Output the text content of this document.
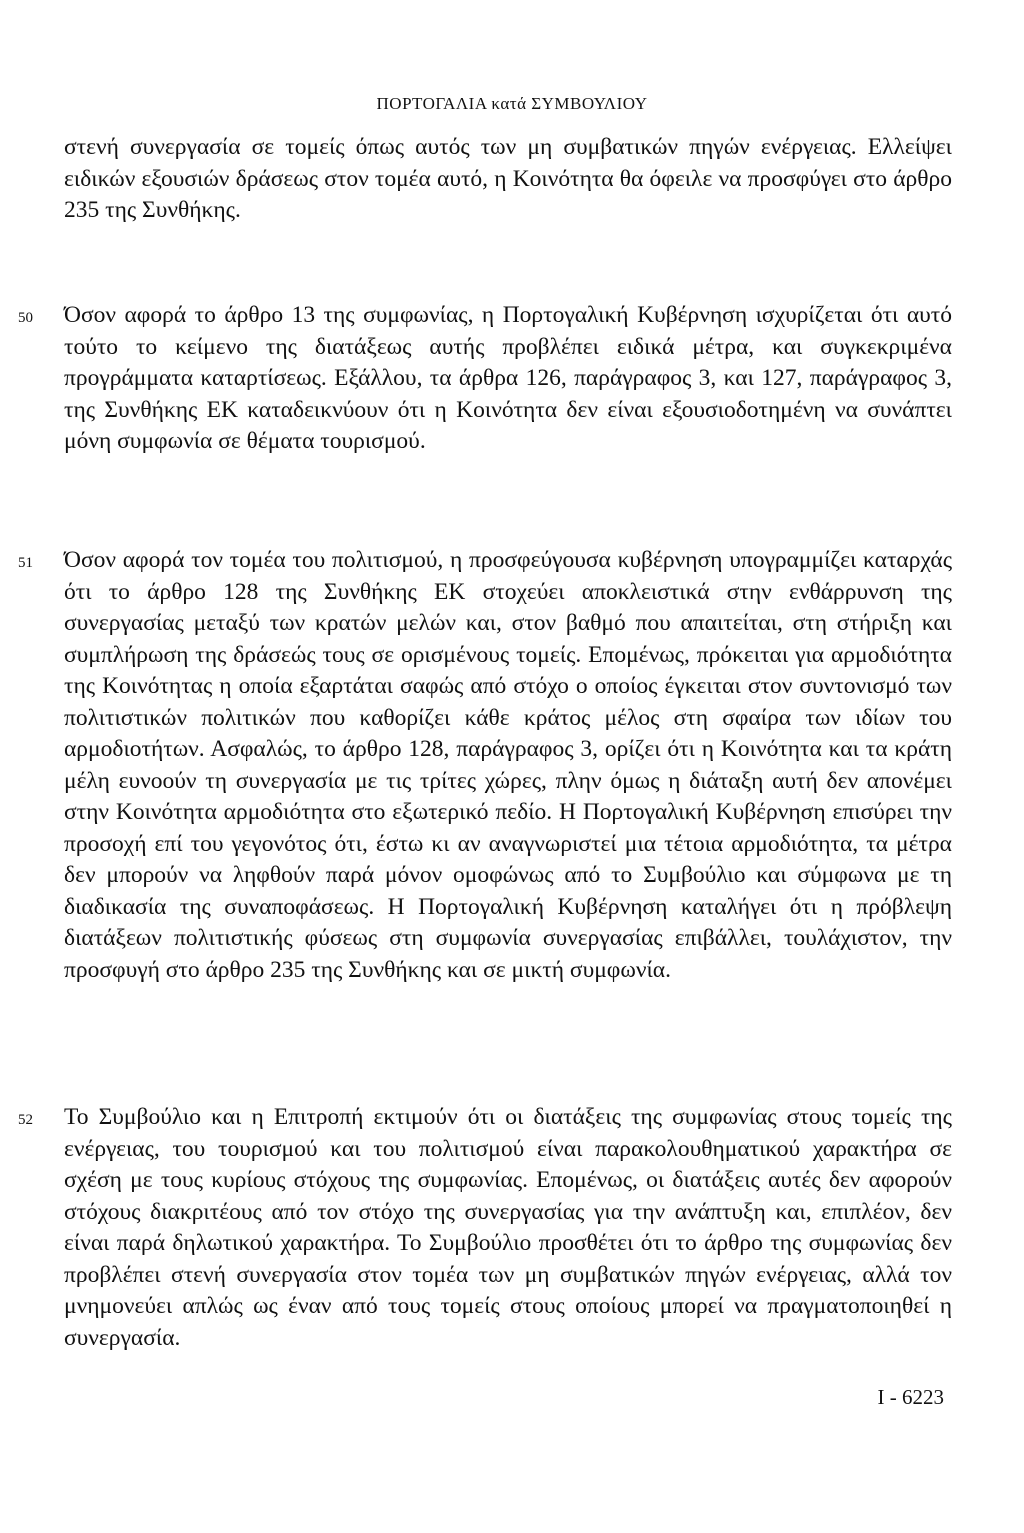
ΠΟΡΤΟΓΑΛΙΑ κατά ΣΥΜΒΟΥΛΙΟΥ
στενή συνεργασία σε τομείς όπως αυτός των μη συμβατικών πηγών ενέργειας. Ελλείψει ειδικών εξουσιών δράσεως στον τομέα αυτό, η Κοινότητα θα όφειλε να προσφύγει στο άρθρο 235 της Συνθήκης.
50 Όσον αφορά το άρθρο 13 της συμφωνίας, η Πορτογαλική Κυβέρνηση ισχυρίζεται ότι αυτό τούτο το κείμενο της διατάξεως αυτής προβλέπει ειδικά μέτρα, και συγκεκριμένα προγράμματα καταρτίσεως. Εξάλλου, τα άρθρα 126, παράγραφος 3, και 127, παράγραφος 3, της Συνθήκης ΕΚ καταδεικνύουν ότι η Κοινότητα δεν είναι εξουσιοδοτημένη να συνάπτει μόνη συμφωνία σε θέματα τουρισμού.
51 Όσον αφορά τον τομέα του πολιτισμού, η προσφεύγουσα κυβέρνηση υπογραμμίζει καταρχάς ότι το άρθρο 128 της Συνθήκης ΕΚ στοχεύει αποκλειστικά στην ενθάρρυνση της συνεργασίας μεταξύ των κρατών μελών και, στον βαθμό που απαιτείται, στη στήριξη και συμπλήρωση της δράσεώς τους σε ορισμένους τομείς. Επομένως, πρόκειται για αρμοδιότητα της Κοινότητας η οποία εξαρτάται σαφώς από στόχο ο οποίος έγκειται στον συντονισμό των πολιτιστικών πολιτικών που καθορίζει κάθε κράτος μέλος στη σφαίρα των ιδίων του αρμοδιοτήτων. Ασφαλώς, το άρθρο 128, παράγραφος 3, ορίζει ότι η Κοινότητα και τα κράτη μέλη ευνοούν τη συνεργασία με τις τρίτες χώρες, πλην όμως η διάταξη αυτή δεν απονέμει στην Κοινότητα αρμοδιότητα στο εξωτερικό πεδίο. Η Πορτογαλική Κυβέρνηση επισύρει την προσοχή επί του γεγονότος ότι, έστω κι αν αναγνωριστεί μια τέτοια αρμοδιότητα, τα μέτρα δεν μπορούν να ληφθούν παρά μόνον ομοφώνως από το Συμβούλιο και σύμφωνα με τη διαδικασία της συναποφάσεως. Η Πορτογαλική Κυβέρνηση καταλήγει ότι η πρόβλεψη διατάξεων πολιτιστικής φύσεως στη συμφωνία συνεργασίας επιβάλλει, τουλάχιστον, την προσφυγή στο άρθρο 235 της Συνθήκης και σε μικτή συμφωνία.
52 Το Συμβούλιο και η Επιτροπή εκτιμούν ότι οι διατάξεις της συμφωνίας στους τομείς της ενέργειας, του τουρισμού και του πολιτισμού είναι παρακολουθηματικού χαρακτήρα σε σχέση με τους κυρίους στόχους της συμφωνίας. Επομένως, οι διατάξεις αυτές δεν αφορούν στόχους διακριτέους από τον στόχο της συνεργασίας για την ανάπτυξη και, επιπλέον, δεν είναι παρά δηλωτικού χαρακτήρα. Το Συμβούλιο προσθέτει ότι το άρθρο της συμφωνίας δεν προβλέπει στενή συνεργασία στον τομέα των μη συμβατικών πηγών ενέργειας, αλλά τον μνημονεύει απλώς ως έναν από τους τομείς στους οποίους μπορεί να πραγματοποιηθεί η συνεργασία.
I - 6223
